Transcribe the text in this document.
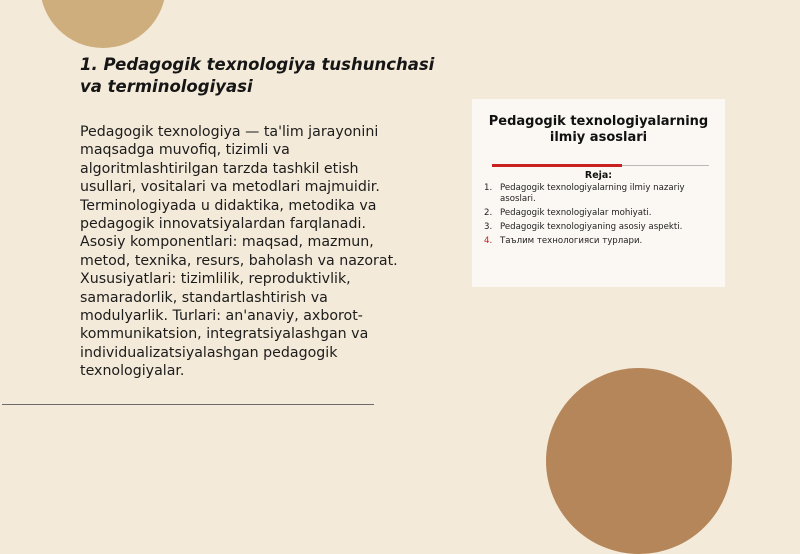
1. Pedagogik texnologiya tushunchasi va terminologiyasi
Pedagogik texnologiya — ta'lim jarayonini maqsadga muvofiq, tizimli va algoritmlashtirilgan tarzda tashkil etish usullari, vositalari va metodlari majmuidir. Terminologiyada u didaktika, metodika va pedagogik innovatsiyalardan farqlanadi. Asosiy komponentlari: maqsad, mazmun, metod, texnika, resurs, baholash va nazorat. Xususiyatlari: tizimlilik, reproduktivlik, samaradorlik, standartlashtirish va modulyarlik. Turlari: an'anaviy, axborot-kommunikatsion, integratsiyalashgan va individualizatsiyalashgan pedagogik texnologiyalar.
Pedagogik texnologiyalarning ilmiy asoslari
Reja:
1. Pedagogik texnologiyalarning ilmiy nazariy asoslari.
2. Pedagogik texnologiyalar mohiyati.
3. Pedagogik texnologiyaning asosiy aspekti.
4. Таълим технологияси турлари.
